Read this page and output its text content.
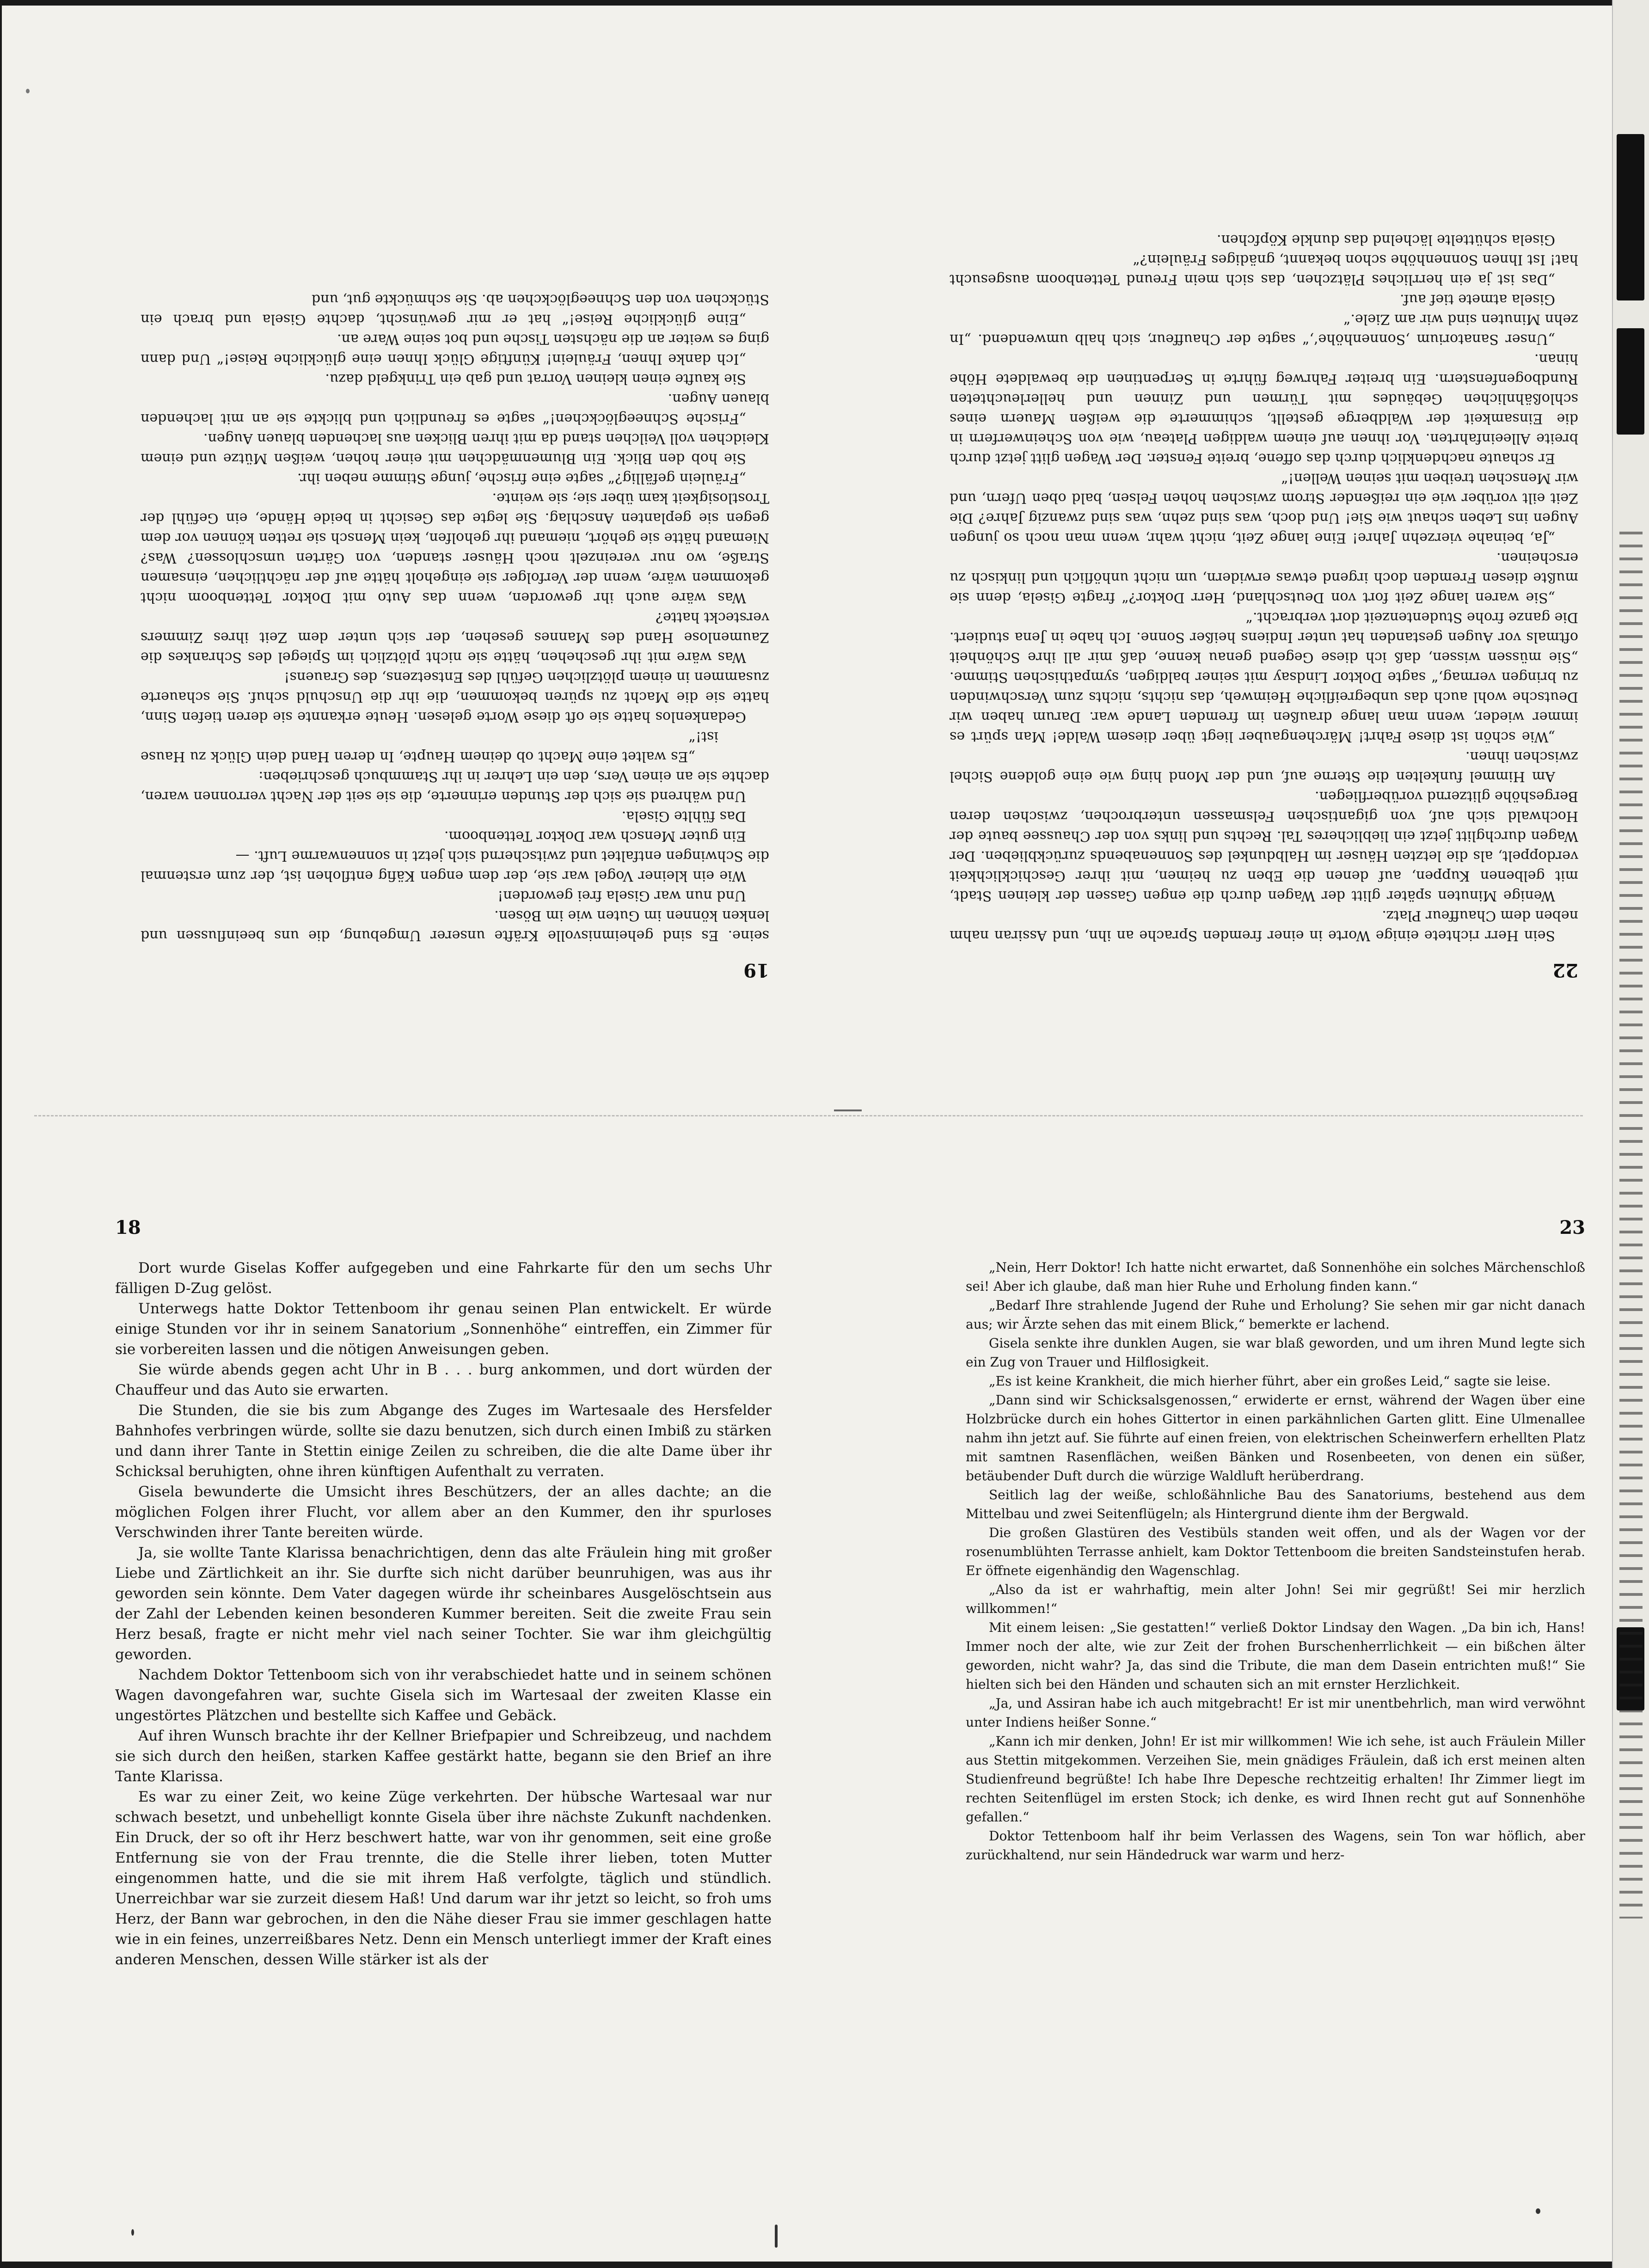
19

seine. Es sind geheimnisvolle Kräfte unserer Umgebung, die uns beeinflussen und lenken können im Guten wie im Bösen.

Und nun war Gisela frei geworden!

Wie ein kleiner Vogel war sie, der dem engen Käfig entflohen ist, der zum erstenmal die Schwingen entfaltet und zwitschernd sich jetzt in sonnenwarme Luft. —

Ein guter Mensch war Doktor Tettenboom.

Das fühlte Gisela.

Und während sie sich der Stunden erinnerte, die sie seit der Nacht verronnen waren, dachte sie an einen Vers, den ein Lehrer in ihr Stammbuch geschrieben:

„Es waltet eine Macht ob deinem Haupte, In deren Hand dein Glück zu Hause ist!“

Gedankenlos hatte sie oft diese Worte gelesen. Heute erkannte sie deren tiefen Sinn, hatte sie die Macht zu spüren bekommen, die ihr die Unschuld schuf. Sie schauerte zusammen in einem plötzlichen Gefühl des Entsetzens, des Grauens!

Was wäre mit ihr geschehen, hätte sie nicht plötzlich im Spiegel des Schrankes die Zaumenlose Hand des Mannes gesehen, der sich unter dem Zeit ihres Zimmers versteckt hatte?

Was wäre auch ihr geworden, wenn das Auto mit Doktor Tettenboom nicht gekommen wäre, wenn der Verfolger sie eingeholt hätte auf der nächtlichen, einsamen Straße, wo nur vereinzelt noch Häuser standen, von Gärten umschlossen? Was? Niemand hätte sie gehört, niemand ihr geholfen, kein Mensch sie retten können vor dem gegen sie geplanten Anschlag. Sie legte das Gesicht in beide Hände, ein Gefühl der Trostlosigkeit kam über sie; sie weinte.

„Fräulein gefällig?“ sagte eine frische, junge Stimme neben ihr.

Sie hob den Blick. Ein Blumenmädchen mit einer hohen, weißen Mütze und einem Kleidchen voll Veilchen stand da mit ihren Blicken aus lachenden blauen Augen.

„Frische Schneeglöckchen!“ sagte es freundlich und blickte sie an mit lachenden blauen Augen.

Sie kaufte einen kleinen Vorrat und gab ein Trinkgeld dazu.

„Ich danke Ihnen, Fräulein! Künftige Glück Ihnen eine glückliche Reise!“ Und dann ging es weiter an die nächsten Tische und bot seine Ware an.

„Eine glückliche Reise!“ hat er mir gewünscht, dachte Gisela und brach ein Stückchen von den Schneeglöckchen ab. Sie schmückte gut, und

22

Sein Herr richtete einige Worte in einer fremden Sprache an ihn, und Assiran nahm neben dem Chauffeur Platz.

Wenige Minuten später glitt der Wagen durch die engen Gassen der kleinen Stadt, mit gelbenen Kuppen, auf denen die Eben zu heimen, mit ihrer Geschicklichkeit verdoppelt, als die letzten Häuser im Halbdunkel des Sonnenabends zurückblieben. Der Wagen durchglitt jetzt ein lieblicheres Tal. Rechts und links von der Chaussee baute der Hochwald sich auf, von gigantischen Felsmassen unterbrochen, zwischen deren Bergeshöhe glitzernd vorüberfliegen.

Am Himmel funkelten die Sterne auf, und der Mond hing wie eine goldene Sichel zwischen ihnen.

„Wie schön ist diese Fahrt! Märchengauber liegt über diesem Walde! Man spürt es immer wieder, wenn man lange draußen im fremden Lande war. Darum haben wir Deutsche wohl auch das unbegreifliche Heimweh, das nichts, nichts zum Verschwinden zu bringen vermag,“ sagte Doktor Lindsay mit seiner baldigen, sympathischen Stimme. „Sie müssen wissen, daß ich diese Gegend genau kenne, daß mir all ihre Schönheit oftmals vor Augen gestanden hat unter Indiens heißer Sonne. Ich habe in Jena studiert. Die ganze frohe Studentenzeit dort verbracht.“

„Sie waren lange Zeit fort von Deutschland, Herr Doktor?“ fragte Gisela, denn sie mußte diesen Fremden doch irgend etwas erwidern, um nicht unhöflich und linkisch zu erscheinen.

„Ja, beinahe vierzehn Jahre! Eine lange Zeit, nicht wahr, wenn man noch so jungen Augen ins Leben schaut wie Sie! Und doch, was sind zehn, was sind zwanzig Jahre? Die Zeit eilt vorüber wie ein reißender Strom zwischen hohen Felsen, bald oben Ufern, und wir Menschen treiben mit seinen Wellen!“

Er schaute nachdenklich durch das offene, breite Fenster. Der Wagen glitt jetzt durch breite Alleeinfahrten. Vor ihnen auf einem waldigen Plateau, wie von Scheinwerfern in die Einsamkeit der Waldberge gestellt, schimmerte die weißen Mauern eines schloßähnlichen Gebäudes mit Türmen und Zinnen und hellerleuchteten Rundbogenfenstern. Ein breiter Fahrweg führte in Serpentinen die bewaldete Höhe hinan.

„Unser Sanatorium ‚Sonnenhöhe‘,“ sagte der Chauffeur, sich halb umwendend. „In zehn Minuten sind wir am Ziele.“

Gisela atmete tief auf.

„Das ist ja ein herrliches Plätzchen, das sich mein Freund Tettenboom ausgesucht hat! Ist Ihnen Sonnenhöhe schon bekannt, gnädiges Fräulein?“

Gisela schüttelte lächelnd das dunkle Köpfchen.

18

Dort wurde Giselas Koffer aufgegeben und eine Fahrkarte für den um sechs Uhr fälligen D-Zug gelöst.

Unterwegs hatte Doktor Tettenboom ihr genau seinen Plan entwickelt. Er würde einige Stunden vor ihr in seinem Sanatorium „Sonnenhöhe“ eintreffen, ein Zimmer für sie vorbereiten lassen und die nötigen Anweisungen geben.

Sie würde abends gegen acht Uhr in B . . . burg ankommen, und dort würden der Chauffeur und das Auto sie erwarten.

Die Stunden, die sie bis zum Abgange des Zuges im Wartesaale des Hersfelder Bahnhofes verbringen würde, sollte sie dazu benutzen, sich durch einen Imbiß zu stärken und dann ihrer Tante in Stettin einige Zeilen zu schreiben, die die alte Dame über ihr Schicksal beruhigten, ohne ihren künftigen Aufenthalt zu verraten.

Gisela bewunderte die Umsicht ihres Beschützers, der an alles dachte; an die möglichen Folgen ihrer Flucht, vor allem aber an den Kummer, den ihr spurloses Verschwinden ihrer Tante bereiten würde.

Ja, sie wollte Tante Klarissa benachrichtigen, denn das alte Fräulein hing mit großer Liebe und Zärtlichkeit an ihr. Sie durfte sich nicht darüber beunruhigen, was aus ihr geworden sein könnte. Dem Vater dagegen würde ihr scheinbares Ausgelöschtsein aus der Zahl der Lebenden keinen besonderen Kummer bereiten. Seit die zweite Frau sein Herz besaß, fragte er nicht mehr viel nach seiner Tochter. Sie war ihm gleichgültig geworden.

Nachdem Doktor Tettenboom sich von ihr verabschiedet hatte und in seinem schönen Wagen davongefahren war, suchte Gisela sich im Wartesaal der zweiten Klasse ein ungestörtes Plätzchen und bestellte sich Kaffee und Gebäck.

Auf ihren Wunsch brachte ihr der Kellner Briefpapier und Schreibzeug, und nachdem sie sich durch den heißen, starken Kaffee gestärkt hatte, begann sie den Brief an ihre Tante Klarissa.

Es war zu einer Zeit, wo keine Züge verkehrten. Der hübsche Wartesaal war nur schwach besetzt, und unbehelligt konnte Gisela über ihre nächste Zukunft nachdenken. Ein Druck, der so oft ihr Herz beschwert hatte, war von ihr genommen, seit eine große Entfernung sie von der Frau trennte, die die Stelle ihrer lieben, toten Mutter eingenommen hatte, und die sie mit ihrem Haß verfolgte, täglich und stündlich. Unerreichbar war sie zurzeit diesem Haß! Und darum war ihr jetzt so leicht, so froh ums Herz, der Bann war gebrochen, in den die Nähe dieser Frau sie immer geschlagen hatte wie in ein feines, unzerreißbares Netz. Denn ein Mensch unterliegt immer der Kraft eines anderen Menschen, dessen Wille stärker ist als der

23

„Nein, Herr Doktor! Ich hatte nicht erwartet, daß Sonnenhöhe ein solches Märchenschloß sei! Aber ich glaube, daß man hier Ruhe und Erholung finden kann.“

„Bedarf Ihre strahlende Jugend der Ruhe und Erholung? Sie sehen mir gar nicht danach aus; wir Ärzte sehen das mit einem Blick,“ bemerkte er lachend.

Gisela senkte ihre dunklen Augen, sie war blaß geworden, und um ihren Mund legte sich ein Zug von Trauer und Hilflosigkeit.

„Es ist keine Krankheit, die mich hierher führt, aber ein großes Leid,“ sagte sie leise.

„Dann sind wir Schicksalsgenossen,“ erwiderte er ernst, während der Wagen über eine Holzbrücke durch ein hohes Gittertor in einen parkähnlichen Garten glitt. Eine Ulmenallee nahm ihn jetzt auf. Sie führte auf einen freien, von elektrischen Scheinwerfern erhellten Platz mit samtnen Rasenflächen, weißen Bänken und Rosenbeeten, von denen ein süßer, betäubender Duft durch die würzige Waldluft herüberdrang.

Seitlich lag der weiße, schloßähnliche Bau des Sanatoriums, bestehend aus dem Mittelbau und zwei Seitenflügeln; als Hintergrund diente ihm der Bergwald.

Die großen Glastüren des Vestibüls standen weit offen, und als der Wagen vor der rosenumblühten Terrasse anhielt, kam Doktor Tettenboom die breiten Sandsteinstufen herab. Er öffnete eigenhändig den Wagenschlag.

„Also da ist er wahrhaftig, mein alter John! Sei mir gegrüßt! Sei mir herzlich willkommen!“

Mit einem leisen: „Sie gestatten!“ verließ Doktor Lindsay den Wagen. „Da bin ich, Hans! Immer noch der alte, wie zur Zeit der frohen Burschenherrlichkeit — ein bißchen älter geworden, nicht wahr? Ja, das sind die Tribute, die man dem Dasein entrichten muß!“ Sie hielten sich bei den Händen und schauten sich an mit ernster Herzlichkeit.

„Ja, und Assiran habe ich auch mitgebracht! Er ist mir unentbehrlich, man wird verwöhnt unter Indiens heißer Sonne.“

„Kann ich mir denken, John! Er ist mir willkommen! Wie ich sehe, ist auch Fräulein Miller aus Stettin mitgekommen. Verzeihen Sie, mein gnädiges Fräulein, daß ich erst meinen alten Studienfreund begrüßte! Ich habe Ihre Depesche rechtzeitig erhalten! Ihr Zimmer liegt im rechten Seitenflügel im ersten Stock; ich denke, es wird Ihnen recht gut auf Sonnenhöhe gefallen.“

Doktor Tettenboom half ihr beim Verlassen des Wagens, sein Ton war höflich, aber zurückhaltend, nur sein Händedruck war warm und herz-
